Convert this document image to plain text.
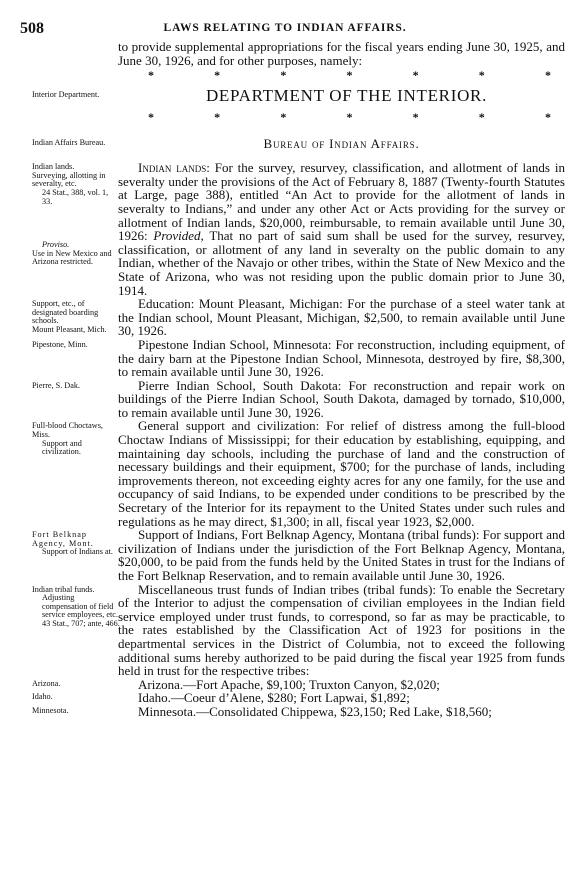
508	LAWS RELATING TO INDIAN AFFAIRS.

to provide supplemental appropriations for the fiscal years ending June 30, 1925, and June 30, 1926, and for other purposes, namely:

*	*	*	*	*	*	*
Interior Department.	DEPARTMENT OF THE INTERIOR.
*	*	*	*	*	*	*
Indian Affairs Bureau.	Bureau of Indian Affairs.
Indian lands.
Surveying, allotting in severalty, etc.
24 Stat., 388, vol. 1, 33.
Proviso.
Use in New Mexico and Arizona restricted.

Indian lands: For the survey, resurvey, classification, and allotment of lands in severalty under the provisions of the Act of February 8, 1887 (Twenty-fourth Statutes at Large, page 388), entitled “An Act to provide for the allotment of lands in severalty to Indians,” and under any other Act or Acts providing for the survey or allotment of Indian lands, $20,000, reimbursable, to remain available until June 30, 1926: Provided, That no part of said sum shall be used for the survey, resurvey, classification, or allotment of any land in severalty on the public domain to any Indian, whether of the Navajo or other tribes, within the State of New Mexico and the State of Arizona, who was not residing upon the public domain prior to June 30, 1914.

Support, etc., of designated boarding schools.
Mount Pleasant, Mich.

Education: Mount Pleasant, Michigan: For the purchase of a steel water tank at the Indian school, Mount Pleasant, Michigan, $2,500, to remain available until June 30, 1926.

Pipestone, Minn.	Pipestone Indian School, Minnesota: For reconstruction, including equipment, of the dairy barn at the Pipestone Indian School, Minnesota, destroyed by fire, $8,300, to remain available until June 30, 1926.

Pierre, S. Dak.	Pierre Indian School, South Dakota: For reconstruction and repair work on buildings of the Pierre Indian School, South Dakota, damaged by tornado, $10,000, to remain available until June 30, 1926.

Full-blood Choctaws, Miss.
Support and civilization.

General support and civilization: For relief of distress among the full-blood Choctaw Indians of Mississippi; for their education by establishing, equipping, and maintaining day schools, including the purchase of land and the construction of necessary buildings and their equipment, $700; for the purchase of lands, including improvements thereon, not exceeding eighty acres for any one family, for the use and occupancy of said Indians, to be expended under conditions to be prescribed by the Secretary of the Interior for its repayment to the United States under such rules and regulations as he may direct, $1,300; in all, fiscal year 1923, $2,000.

Fort Belknap Agency, Mont.
Support of Indians at.

Support of Indians, Fort Belknap Agency, Montana (tribal funds): For support and civilization of Indians under the jurisdiction of the Fort Belknap Agency, Montana, $20,000, to be paid from the funds held by the United States in trust for the Indians of the Fort Belknap Reservation, and to remain available until June 30, 1926.

Indian tribal funds.
Adjusting compensation of field service employees, etc.
43 Stat., 707; ante, 466.

Miscellaneous trust funds of Indian tribes (tribal funds): To enable the Secretary of the Interior to adjust the compensation of civilian employees in the Indian field service employed under trust funds, to correspond, so far as may be practicable, to the rates established by the Classification Act of 1923 for positions in the departmental services in the District of Columbia, not to exceed the following additional sums hereby authorized to be paid during the fiscal year 1925 from funds held in trust for the respective tribes:

Arizona.	Arizona.—Fort Apache, $9,100; Truxton Canyon, $2,020;

Idaho.	Idaho.—Coeur d’Alene, $280; Fort Lapwai, $1,892;

Minnesota.	Minnesota.—Consolidated Chippewa, $23,150; Red Lake, $18,560;
